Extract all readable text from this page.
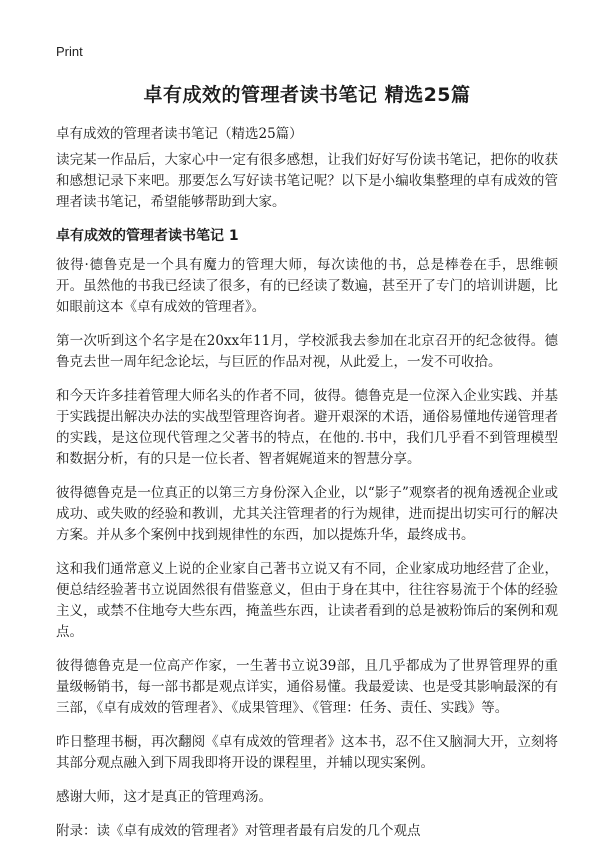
Print
卓有成效的管理者读书笔记 精选25篇
卓有成效的管理者读书笔记（精选25篇）

读完某一作品后，大家心中一定有很多感想，让我们好好写份读书笔记，把你的收获和感想记录下来吧。那要怎么写好读书笔记呢？以下是小编收集整理的卓有成效的管理者读书笔记，希望能够帮助到大家。

卓有成效的管理者读书笔记 1

彼得·德鲁克是一个具有魔力的管理大师，每次读他的书，总是棒卷在手，思维顿开。虽然他的书我已经读了很多，有的已经读了数遍，甚至开了专门的培训讲题，比如眼前这本《卓有成效的管理者》。

第一次听到这个名字是在20xx年11月，学校派我去参加在北京召开的纪念彼得。德鲁克去世一周年纪念论坛，与巨匠的作品对视，从此爱上，一发不可收拾。

和今天许多挂着管理大师名头的作者不同，彼得。德鲁克是一位深入企业实践、并基于实践提出解决办法的实战型管理咨询者。避开艰深的术语，通俗易懂地传递管理者的实践，是这位现代管理之父著书的特点，在他的.书中，我们几乎看不到管理模型和数据分析，有的只是一位长者、智者娓娓道来的智慧分享。

彼得德鲁克是一位真正的以第三方身份深入企业，以“影子”观察者的视角透视企业或成功、或失败的经验和教训，尤其关注管理者的行为规律，进而提出切实可行的解决方案。并从多个案例中找到规律性的东西，加以提炼升华，最终成书。

这和我们通常意义上说的企业家自己著书立说又有不同，企业家成功地经营了企业，便总结经验著书立说固然很有借鉴意义，但由于身在其中，往往容易流于个体的经验主义，或禁不住地夸大些东西，掩盖些东西，让读者看到的总是被粉饰后的案例和观点。

彼得德鲁克是一位高产作家，一生著书立说39部，且几乎都成为了世界管理界的重量级畅销书，每一部书都是观点详实，通俗易懂。我最爱读、也是受其影响最深的有三部，《卓有成效的管理者》、《成果管理》、《管理：任务、责任、实践》等。

昨日整理书橱，再次翻阅《卓有成效的管理者》这本书，忍不住又脑洞大开，立刻将其部分观点融入到下周我即将开设的课程里，并辅以现实案例。

感谢大师，这才是真正的管理鸡汤。

附录：读《卓有成效的管理者》对管理者最有启发的几个观点
